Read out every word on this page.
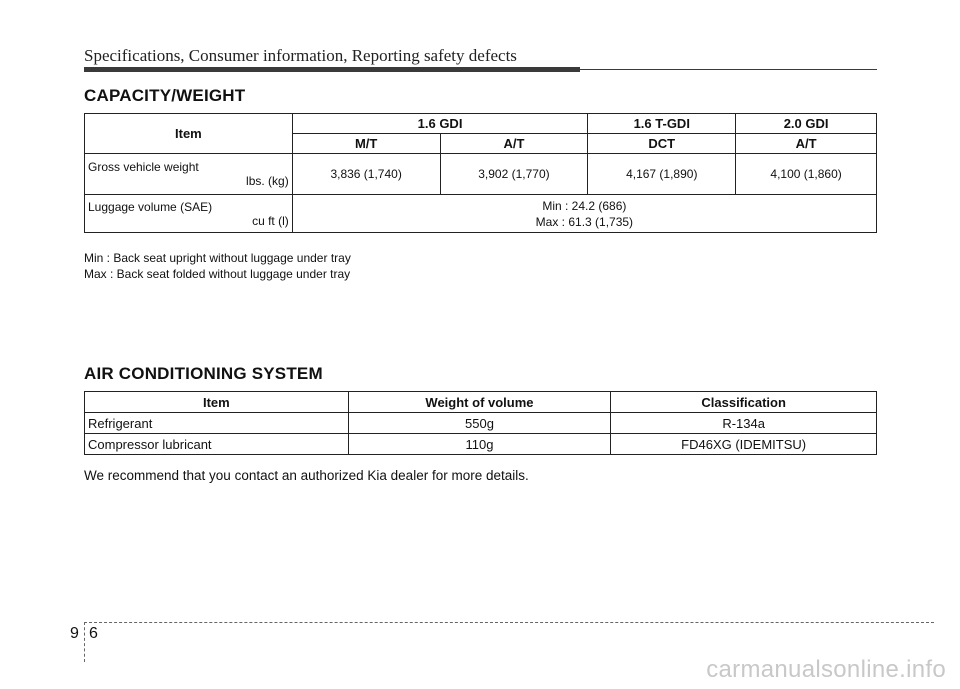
Specifications, Consumer information, Reporting safety defects
CAPACITY/WEIGHT
Item	1.6 GDI		1.6 T-GDI	2.0 GDI
	M/T	A/T	DCT	A/T

Gross vehicle weight
lbs. (kg)	3,836 (1,740)	3,902 (1,770)	4,167 (1,890)	4,100 (1,860)

Luggage volume (SAE)
cu ft (l)	Min : 24.2 (686)
Max : 61.3 (1,735)			
Min : Back seat upright without luggage under tray
Max : Back seat folded without luggage under tray
AIR CONDITIONING SYSTEM
Item	Weight of volume	Classification
Refrigerant	550g	R-134a
Compressor lubricant	110g	FD46XG (IDEMITSU)
We recommend that you contact an authorized Kia dealer for more details.
9 6
carmanualsonline.info
